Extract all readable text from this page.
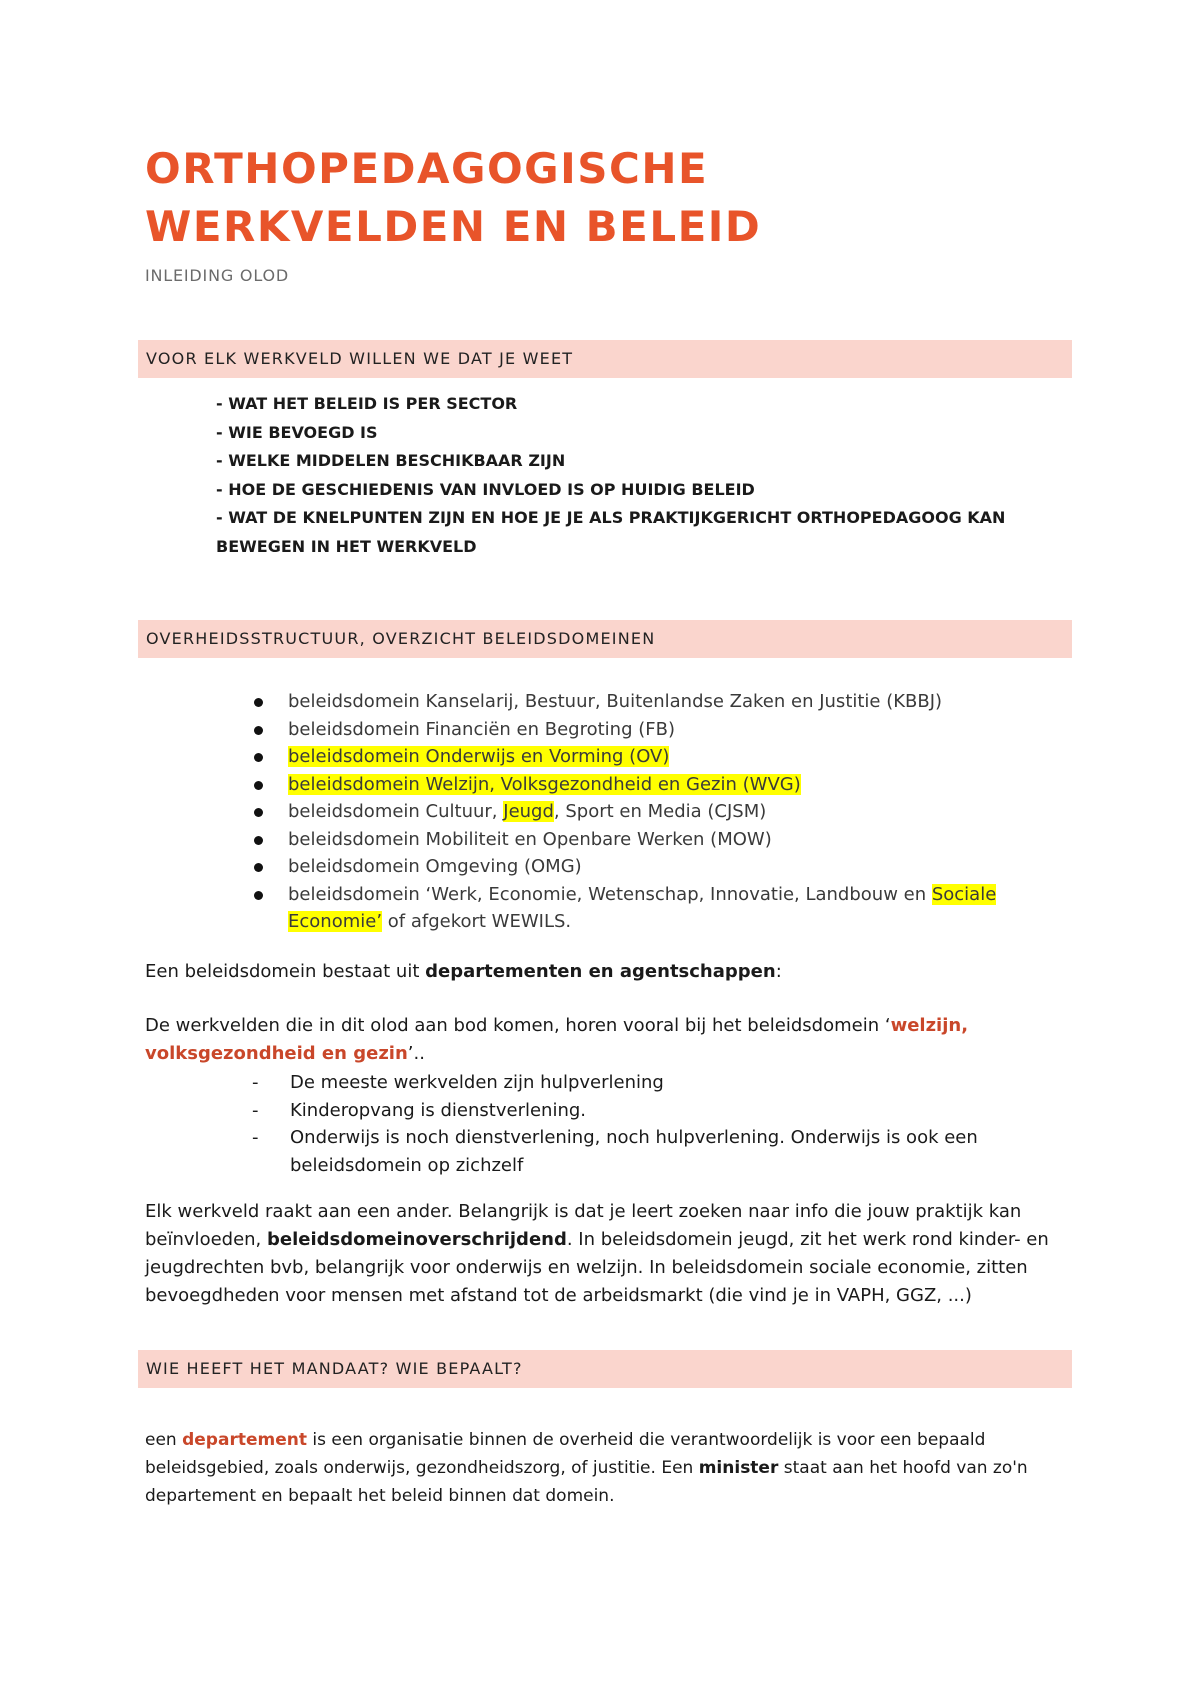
ORTHOPEDAGOGISCHE
WERKVELDEN EN BELEID
INLEIDING OLOD
VOOR ELK WERKVELD WILLEN WE DAT JE WEET
- WAT HET BELEID IS PER SECTOR
- WIE BEVOEGD IS
- WELKE MIDDELEN BESCHIKBAAR ZIJN
- HOE DE GESCHIEDENIS VAN INVLOED IS OP HUIDIG BELEID
- WAT DE KNELPUNTEN ZIJN EN HOE JE JE ALS PRAKTIJKGERICHT ORTHOPEDAGOOG KAN
BEWEGEN IN HET WERKVELD
OVERHEIDSSTRUCTUUR, OVERZICHT BELEIDSDOMEINEN
beleidsdomein Kanselarij, Bestuur, Buitenlandse Zaken en Justitie (KBBJ)
beleidsdomein Financiën en Begroting (FB)
beleidsdomein Onderwijs en Vorming (OV)
beleidsdomein Welzijn, Volksgezondheid en Gezin (WVG)
beleidsdomein Cultuur, Jeugd, Sport en Media (CJSM)
beleidsdomein Mobiliteit en Openbare Werken (MOW)
beleidsdomein Omgeving (OMG)
beleidsdomein ‘Werk, Economie, Wetenschap, Innovatie, Landbouw en Sociale
Economie’ of afgekort WEWILS.
Een beleidsdomein bestaat uit departementen en agentschappen:
De werkvelden die in dit olod aan bod komen, horen vooral bij het beleidsdomein ‘welzijn,
volksgezondheid en gezin’..
- De meeste werkvelden zijn hulpverlening
- Kinderopvang is dienstverlening.
- Onderwijs is noch dienstverlening, noch hulpverlening. Onderwijs is ook een
beleidsdomein op zichzelf
Elk werkveld raakt aan een ander. Belangrijk is dat je leert zoeken naar info die jouw praktijk kan
beïnvloeden, beleidsdomeinoverschrijdend. In beleidsdomein jeugd, zit het werk rond kinder- en
jeugdrechten bvb, belangrijk voor onderwijs en welzijn. In beleidsdomein sociale economie, zitten
bevoegdheden voor mensen met afstand tot de arbeidsmarkt (die vind je in VAPH, GGZ, ...)
WIE HEEFT HET MANDAAT? WIE BEPAALT?
een departement is een organisatie binnen de overheid die verantwoordelijk is voor een bepaald
beleidsgebied, zoals onderwijs, gezondheidszorg, of justitie. Een minister staat aan het hoofd van zo'n
departement en bepaalt het beleid binnen dat domein.
